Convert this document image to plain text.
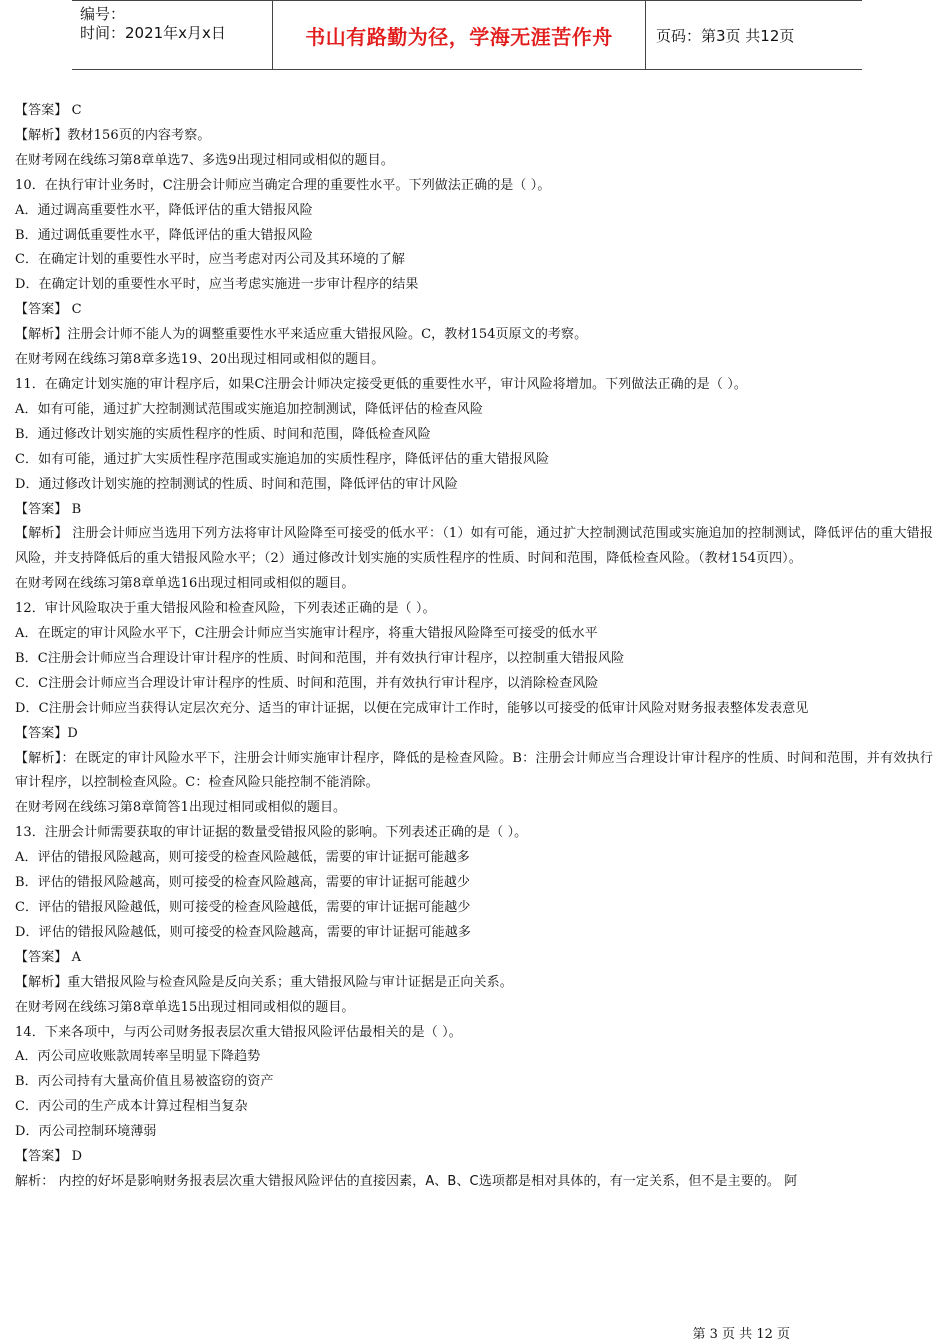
编号：
时间：2021年x月x日	书山有路勤为径，学海无涯苦作舟	页码：第3页 共12页
【答案】 C
【解析】教材156页的内容考察。
在财考网在线练习第8章单选7、多选9出现过相同或相似的题目。
10．在执行审计业务时，C注册会计师应当确定合理的重要性水平。下列做法正确的是（ ）。
A．通过调高重要性水平，降低评估的重大错报风险
B．通过调低重要性水平，降低评估的重大错报风险
C．在确定计划的重要性水平时，应当考虑对丙公司及其环境的了解
D．在确定计划的重要性水平时，应当考虑实施进一步审计程序的结果
【答案】 C
【解析】注册会计师不能人为的调整重要性水平来适应重大错报风险。C，教材154页原文的考察。
在财考网在线练习第8章多选19、20出现过相同或相似的题目。
11．在确定计划实施的审计程序后，如果C注册会计师决定接受更低的重要性水平，审计风险将增加。下列做法正确的是（ ）。
A．如有可能，通过扩大控制测试范围或实施追加控制测试，降低评估的检查风险
B．通过修改计划实施的实质性程序的性质、时间和范围，降低检查风险
C．如有可能，通过扩大实质性程序范围或实施追加的实质性程序，降低评估的重大错报风险
D．通过修改计划实施的控制测试的性质、时间和范围，降低评估的审计风险
【答案】 B
【解析】 注册会计师应当选用下列方法将审计风险降至可接受的低水平：（1）如有可能，通过扩大控制测试范围或实施追加的控制测试，降低评估的重大错报风险，并支持降低后的重大错报风险水平；（2）通过修改计划实施的实质性程序的性质、时间和范围，降低检查风险。（教材154页四）。
在财考网在线练习第8章单选16出现过相同或相似的题目。
12．审计风险取决于重大错报风险和检查风险，下列表述正确的是（ ）。
A．在既定的审计风险水平下，C注册会计师应当实施审计程序，将重大错报风险降至可接受的低水平
B．C注册会计师应当合理设计审计程序的性质、时间和范围，并有效执行审计程序，以控制重大错报风险
C．C注册会计师应当合理设计审计程序的性质、时间和范围，并有效执行审计程序，以消除检查风险
D．C注册会计师应当获得认定层次充分、适当的审计证据，以便在完成审计工作时，能够以可接受的低审计风险对财务报表整体发表意见
【答案】D
【解析】：在既定的审计风险水平下，注册会计师实施审计程序，降低的是检查风险。B：注册会计师应当合理设计审计程序的性质、时间和范围，并有效执行审计程序，以控制检查风险。C：检查风险只能控制不能消除。
在财考网在线练习第8章简答1出现过相同或相似的题目。
13．注册会计师需要获取的审计证据的数量受错报风险的影响。下列表述正确的是（ ）。
A．评估的错报风险越高，则可接受的检查风险越低，需要的审计证据可能越多
B．评估的错报风险越高，则可接受的检查风险越高，需要的审计证据可能越少
C．评估的错报风险越低，则可接受的检查风险越低，需要的审计证据可能越少
D．评估的错报风险越低，则可接受的检查风险越高，需要的审计证据可能越多
【答案】 A
【解析】重大错报风险与检查风险是反向关系；重大错报风险与审计证据是正向关系。
在财考网在线练习第8章单选15出现过相同或相似的题目。
14．下来各项中，与丙公司财务报表层次重大错报风险评估最相关的是（ ）。
A．丙公司应收账款周转率呈明显下降趋势
B．丙公司持有大量高价值且易被盗窃的资产
C．丙公司的生产成本计算过程相当复杂
D．丙公司控制环境薄弱
【答案】 D
解析： 内控的好坏是影响财务报表层次重大错报风险评估的直接因素，A、B、C选项都是相对具体的，有一定关系，但不是主要的。 阿
第 3 页 共 12 页
